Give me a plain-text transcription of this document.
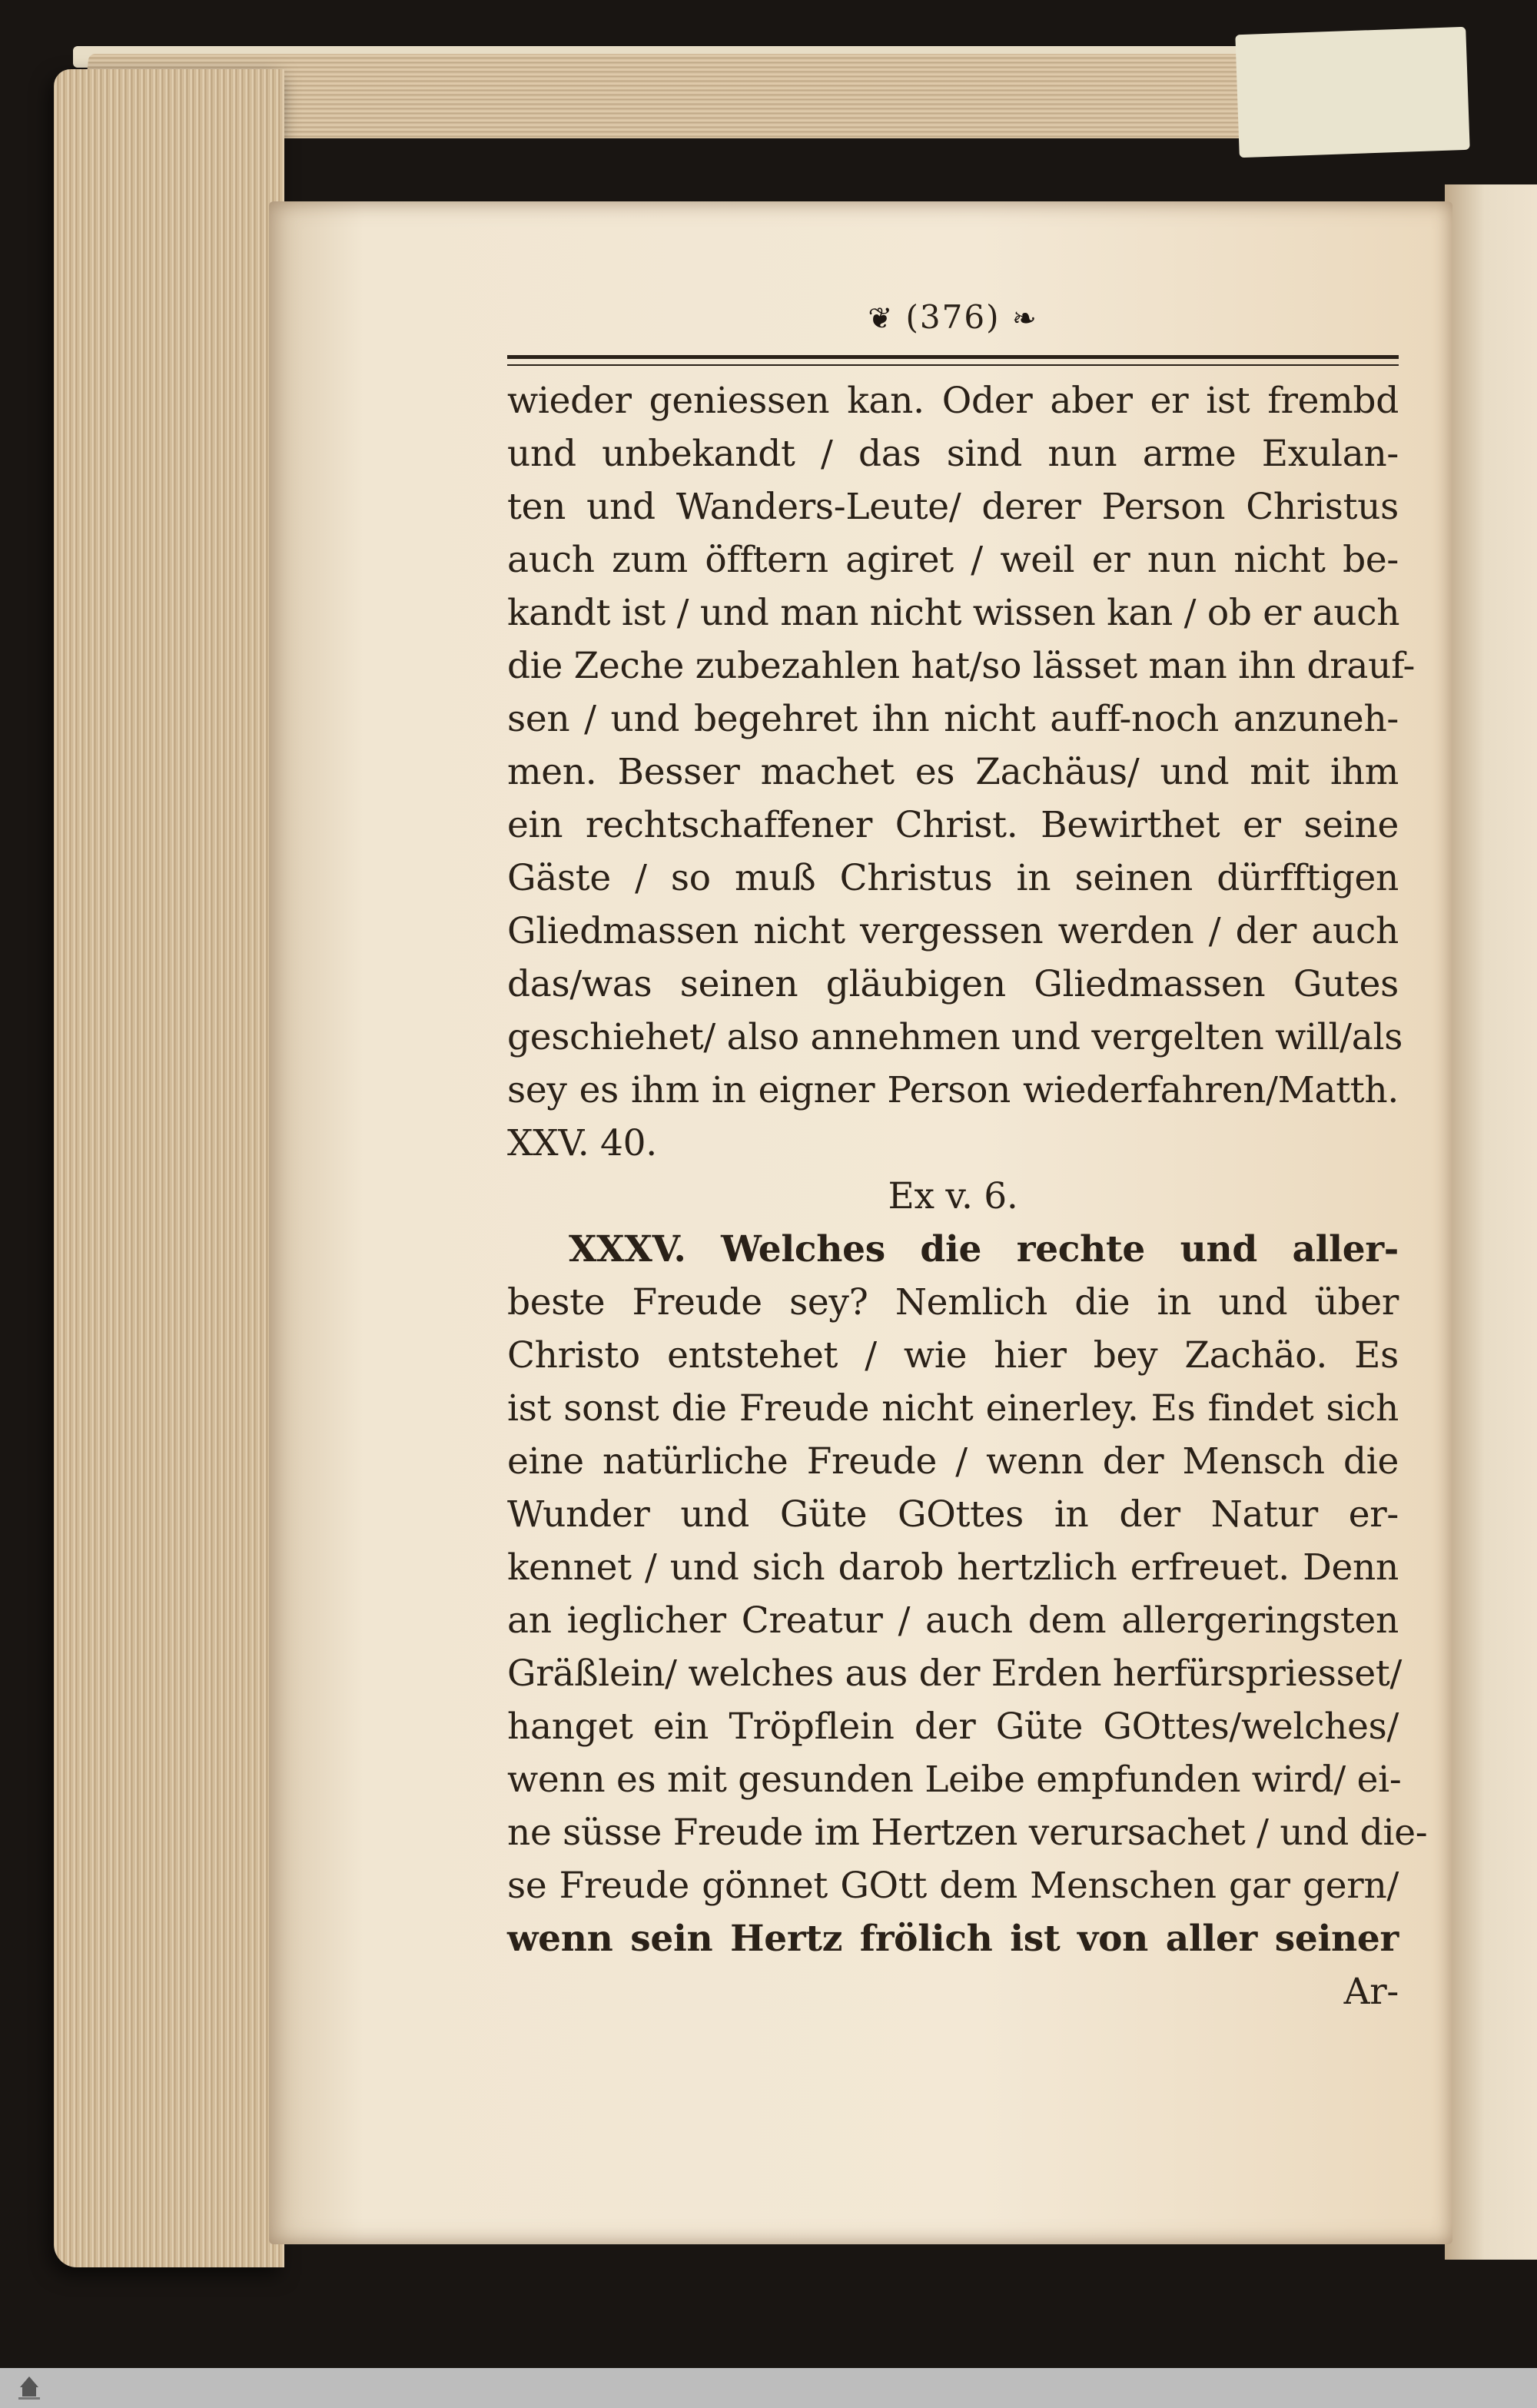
❦ (376) ❧
wieder geniessen kan. Oder aber er ist frembd
und unbekandt / das sind nun arme Exulan-
ten und Wanders-Leute/ derer Person Christus
auch zum öfftern agiret / weil er nun nicht be-
kandt ist / und man nicht wissen kan / ob er auch
die Zeche zubezahlen hat/so lässet man ihn drauf-
sen / und begehret ihn nicht auff-noch anzuneh-
men. Besser machet es Zachäus/ und mit ihm
ein rechtschaffener Christ. Bewirthet er seine
Gäste / so muß Christus in seinen dürfftigen
Gliedmassen nicht vergessen werden / der auch
das/was seinen gläubigen Gliedmassen Gutes
geschiehet/ also annehmen und vergelten will/als
sey es ihm in eigner Person wiederfahren/Matth.
XXV. 40.
Ex v. 6.
XXXV. Welches die rechte und aller-
beste Freude sey? Nemlich die in und über
Christo entstehet / wie hier bey Zachäo. Es
ist sonst die Freude nicht einerley. Es findet sich
eine natürliche Freude / wenn der Mensch die
Wunder und Güte GOttes in der Natur er-
kennet / und sich darob hertzlich erfreuet. Denn
an ieglicher Creatur / auch dem allergeringsten
Gräßlein/ welches aus der Erden herfürspriesset/
hanget ein Tröpflein der Güte GOttes/welches/
wenn es mit gesunden Leibe empfunden wird/ ei-
ne süsse Freude im Hertzen verursachet / und die-
se Freude gönnet GOtt dem Menschen gar gern/
wenn sein Hertz frölich ist von aller seiner
Ar-
